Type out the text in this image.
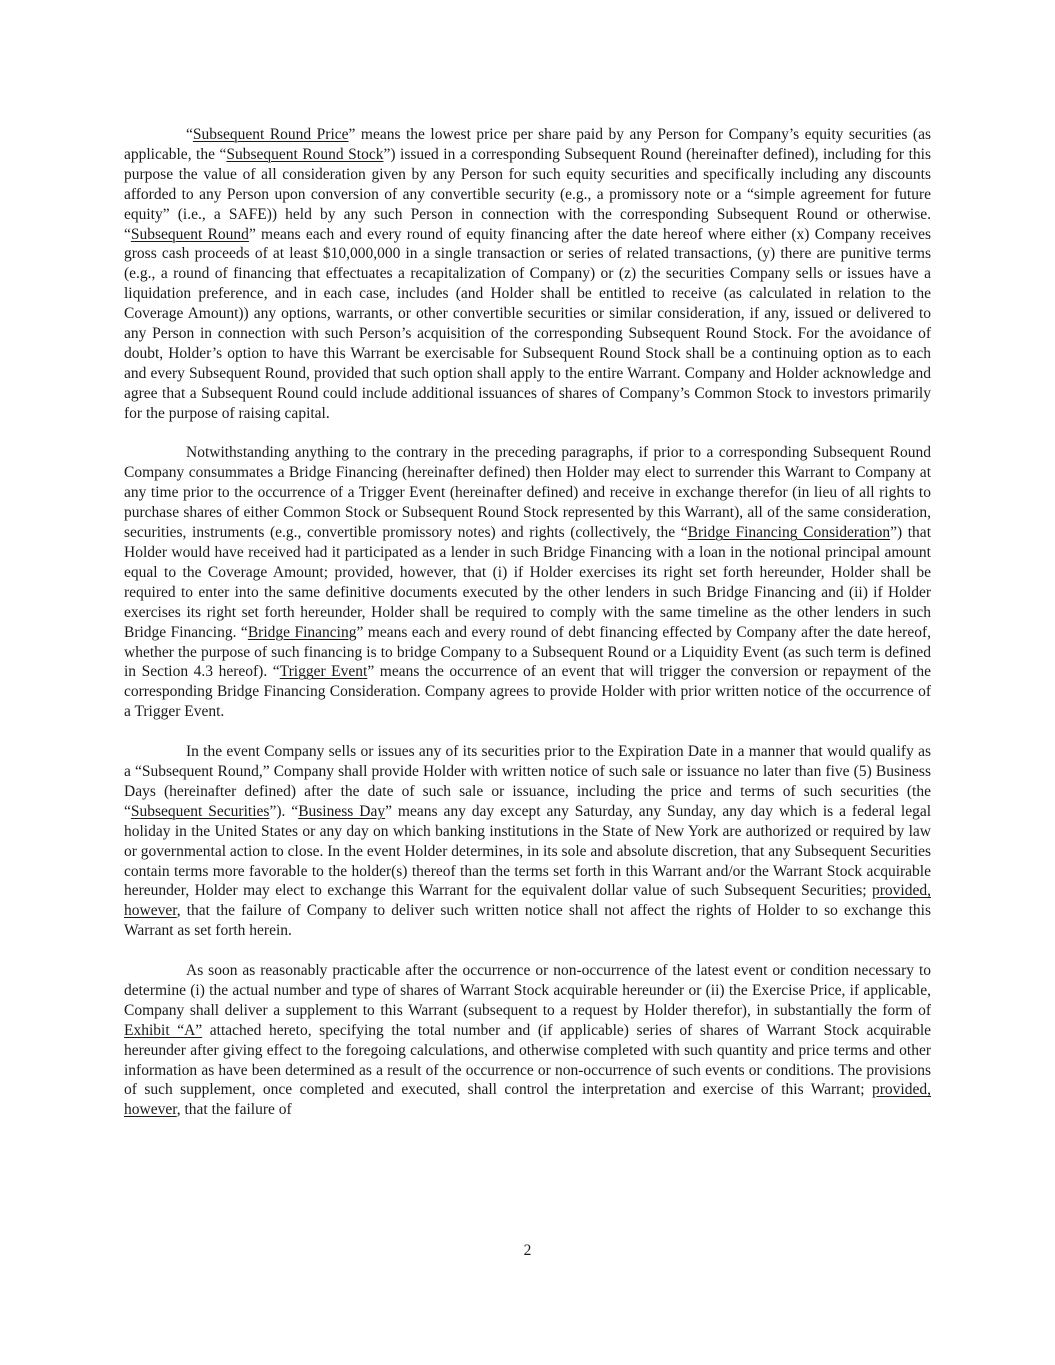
“Subsequent Round Price” means the lowest price per share paid by any Person for Company’s equity securities (as applicable, the “Subsequent Round Stock”) issued in a corresponding Subsequent Round (hereinafter defined), including for this purpose the value of all consideration given by any Person for such equity securities and specifically including any discounts afforded to any Person upon conversion of any convertible security (e.g., a promissory note or a “simple agreement for future equity” (i.e., a SAFE)) held by any such Person in connection with the corresponding Subsequent Round or otherwise. “Subsequent Round” means each and every round of equity financing after the date hereof where either (x) Company receives gross cash proceeds of at least $10,000,000 in a single transaction or series of related transactions, (y) there are punitive terms (e.g., a round of financing that effectuates a recapitalization of Company) or (z) the securities Company sells or issues have a liquidation preference, and in each case, includes (and Holder shall be entitled to receive (as calculated in relation to the Coverage Amount)) any options, warrants, or other convertible securities or similar consideration, if any, issued or delivered to any Person in connection with such Person’s acquisition of the corresponding Subsequent Round Stock. For the avoidance of doubt, Holder’s option to have this Warrant be exercisable for Subsequent Round Stock shall be a continuing option as to each and every Subsequent Round, provided that such option shall apply to the entire Warrant. Company and Holder acknowledge and agree that a Subsequent Round could include additional issuances of shares of Company’s Common Stock to investors primarily for the purpose of raising capital.

Notwithstanding anything to the contrary in the preceding paragraphs, if prior to a corresponding Subsequent Round Company consummates a Bridge Financing (hereinafter defined) then Holder may elect to surrender this Warrant to Company at any time prior to the occurrence of a Trigger Event (hereinafter defined) and receive in exchange therefor (in lieu of all rights to purchase shares of either Common Stock or Subsequent Round Stock represented by this Warrant), all of the same consideration, securities, instruments (e.g., convertible promissory notes) and rights (collectively, the “Bridge Financing Consideration”) that Holder would have received had it participated as a lender in such Bridge Financing with a loan in the notional principal amount equal to the Coverage Amount; provided, however, that (i) if Holder exercises its right set forth hereunder, Holder shall be required to enter into the same definitive documents executed by the other lenders in such Bridge Financing and (ii) if Holder exercises its right set forth hereunder, Holder shall be required to comply with the same timeline as the other lenders in such Bridge Financing. “Bridge Financing” means each and every round of debt financing effected by Company after the date hereof, whether the purpose of such financing is to bridge Company to a Subsequent Round or a Liquidity Event (as such term is defined in Section 4.3 hereof). “Trigger Event” means the occurrence of an event that will trigger the conversion or repayment of the corresponding Bridge Financing Consideration. Company agrees to provide Holder with prior written notice of the occurrence of a Trigger Event.

In the event Company sells or issues any of its securities prior to the Expiration Date in a manner that would qualify as a “Subsequent Round,” Company shall provide Holder with written notice of such sale or issuance no later than five (5) Business Days (hereinafter defined) after the date of such sale or issuance, including the price and terms of such securities (the “Subsequent Securities”). “Business Day” means any day except any Saturday, any Sunday, any day which is a federal legal holiday in the United States or any day on which banking institutions in the State of New York are authorized or required by law or governmental action to close. In the event Holder determines, in its sole and absolute discretion, that any Subsequent Securities contain terms more favorable to the holder(s) thereof than the terms set forth in this Warrant and/or the Warrant Stock acquirable hereunder, Holder may elect to exchange this Warrant for the equivalent dollar value of such Subsequent Securities; provided, however, that the failure of Company to deliver such written notice shall not affect the rights of Holder to so exchange this Warrant as set forth herein.

As soon as reasonably practicable after the occurrence or non-occurrence of the latest event or condition necessary to determine (i) the actual number and type of shares of Warrant Stock acquirable hereunder or (ii) the Exercise Price, if applicable, Company shall deliver a supplement to this Warrant (subsequent to a request by Holder therefor), in substantially the form of Exhibit “A” attached hereto, specifying the total number and (if applicable) series of shares of Warrant Stock acquirable hereunder after giving effect to the foregoing calculations, and otherwise completed with such quantity and price terms and other information as have been determined as a result of the occurrence or non-occurrence of such events or conditions. The provisions of such supplement, once completed and executed, shall control the interpretation and exercise of this Warrant; provided, however, that the failure of

2
